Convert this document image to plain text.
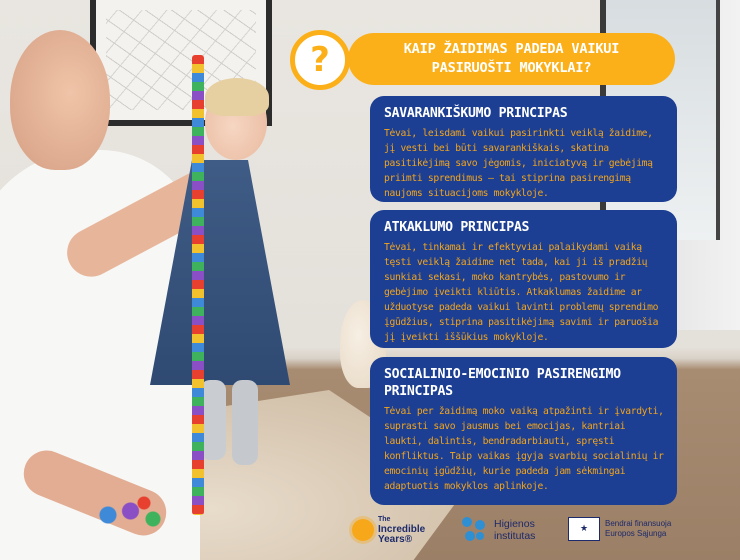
KAIP ŽAIDIMAS PADEDA VAIKUI
PASIRUOŠTI MOKYKLAI?
?
SAVARANKIŠKUMO PRINCIPAS

Tėvai, leisdami vaikui pasirinkti veiklą žaidime, jį vesti bei būti savarankiškais, skatina pasitikėjimą savo jėgomis, iniciatyvą ir gebėjimą priimti sprendimus – tai stiprina pasirengimą naujoms situacijoms mokykloje.

ATKAKLUMO PRINCIPAS

Tėvai, tinkamai ir efektyviai palaikydami vaiką tęsti veiklą žaidime net tada, kai ji iš pradžių sunkiai sekasi, moko kantrybės, pastovumo ir gebėjimo įveikti kliūtis. Atkaklumas žaidime ar užduotyse padeda vaikui lavinti problemų sprendimo įgūdžius, stiprina pasitikėjimą savimi ir paruošia jį įveikti iššūkius mokykloje.

SOCIALINIO-EMOCINIO PASIRENGIMO PRINCIPAS

Tėvai per žaidimą moko vaiką atpažinti ir įvardyti, suprasti savo jausmus bei emocijas, kantriai laukti, dalintis, bendradarbiauti, spręsti konfliktus. Taip vaikas įgyja svarbių socialinių ir emocinių įgūdžių, kurie padeda jam sėkmingai adaptuotis mokyklos aplinkoje.

The
Incredible
Years®
Higienos
institutas
★ Bendrai finansuoja
Europos Sąjunga
